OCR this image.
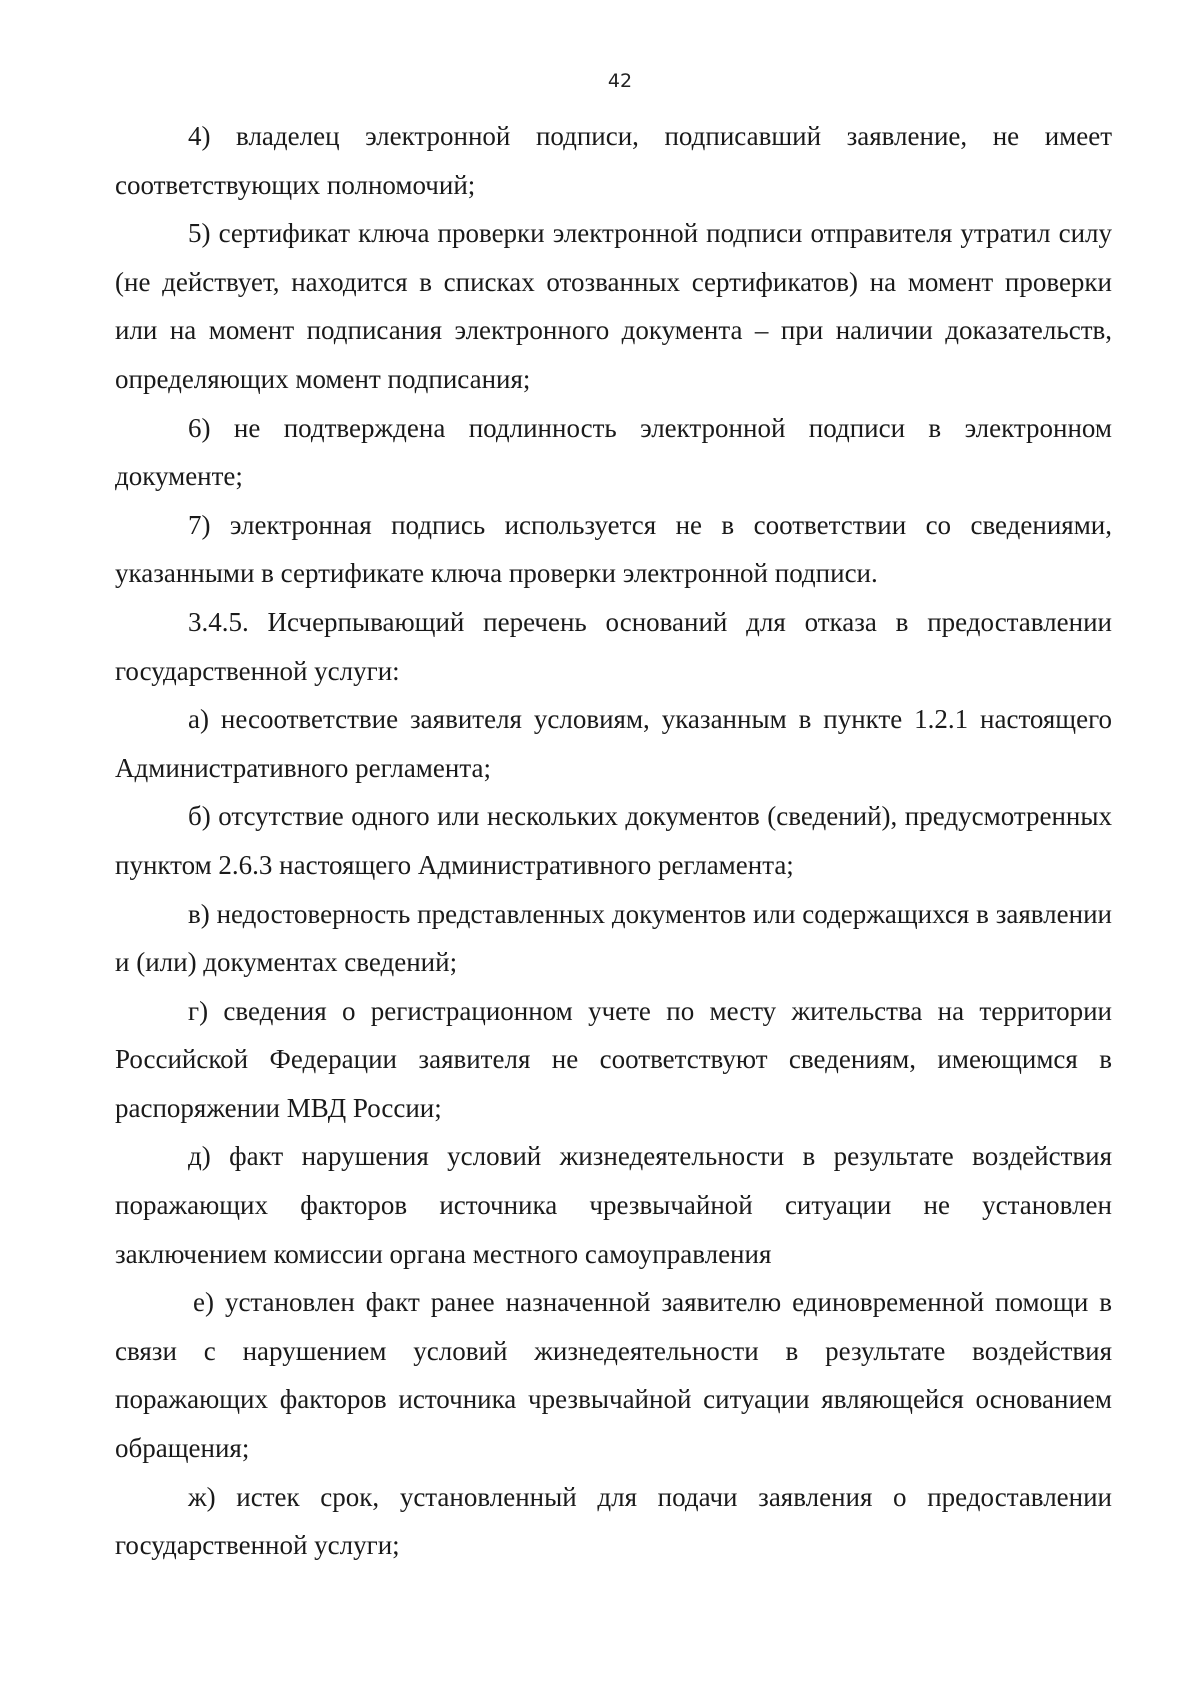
42

4) владелец электронной подписи, подписавший заявление, не имеет соответствующих полномочий;

5) сертификат ключа проверки электронной подписи отправителя утратил силу (не действует, находится в списках отозванных сертификатов) на момент проверки или на момент подписания электронного документа – при наличии доказательств, определяющих момент подписания;

6) не подтверждена подлинность электронной подписи в электронном документе;

7) электронная подпись используется не в соответствии со сведениями, указанными в сертификате ключа проверки электронной подписи.

3.4.5. Исчерпывающий перечень оснований для отказа в предоставлении государственной услуги:

а) несоответствие заявителя условиям, указанным в пункте 1.2.1 настоящего Административного регламента;

б) отсутствие одного или нескольких документов (сведений), предусмотренных пунктом 2.6.3 настоящего Административного регламента;

в) недостоверность представленных документов или содержащихся в заявлении и (или) документах сведений;

г) сведения о регистрационном учете по месту жительства на территории Российской Федерации заявителя не соответствуют сведениям, имеющимся в распоряжении МВД России;

д) факт нарушения условий жизнедеятельности в результате воздействия поражающих факторов источника чрезвычайной ситуации не установлен заключением комиссии органа местного самоуправления

е) установлен факт ранее назначенной заявителю единовременной помощи в связи с нарушением условий жизнедеятельности в результате воздействия поражающих факторов источника чрезвычайной ситуации являющейся основанием обращения;

ж) истек срок, установленный для подачи заявления о предоставлении государственной услуги;
